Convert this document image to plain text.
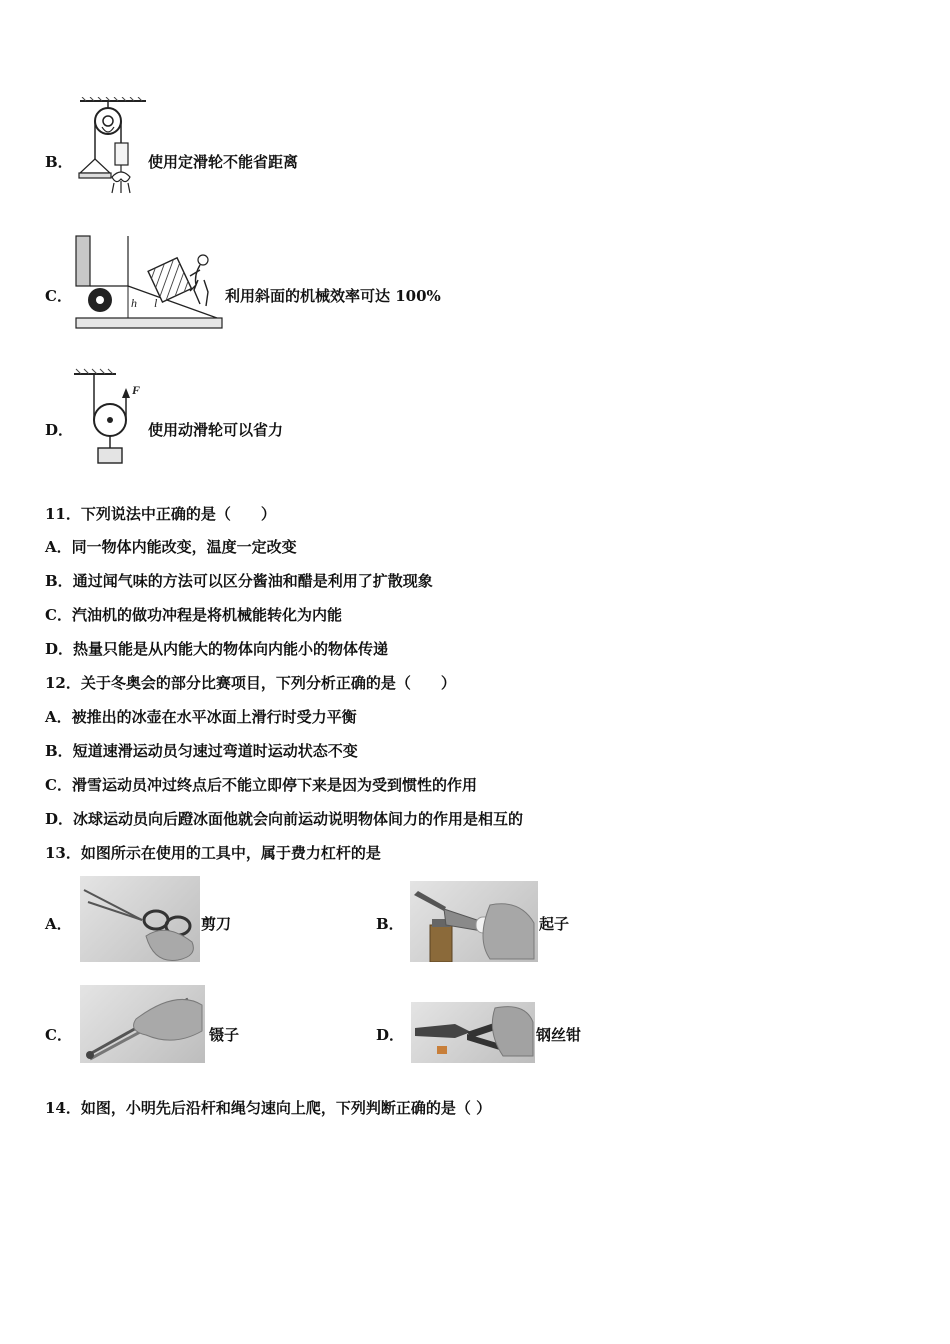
B．	使用定滑轮不能省距离
C．	h l	利用斜面的机械效率可达 100%
D．
F
使用动滑轮可以省力
11．下列说法中正确的是（　　）
A．同一物体内能改变，温度一定改变
B．通过闻气味的方法可以区分酱油和醋是利用了扩散现象
C．汽油机的做功冲程是将机械能转化为内能
D．热量只能是从内能大的物体向内能小的物体传递
12．关于冬奥会的部分比赛项目，下列分析正确的是（　　）
A．被推出的冰壶在水平冰面上滑行时受力平衡
B．短道速滑运动员匀速过弯道时运动状态不变
C．滑雪运动员冲过终点后不能立即停下来是因为受到惯性的作用
D．冰球运动员向后蹬冰面他就会向前运动说明物体间力的作用是相互的
13．如图所示在使用的工具中，属于费力杠杆的是
A．	剪刀	B．	起子
C．	镊子	D．	钢丝钳
14．如图，小明先后沿杆和绳匀速向上爬，下列判断正确的是（ ）
